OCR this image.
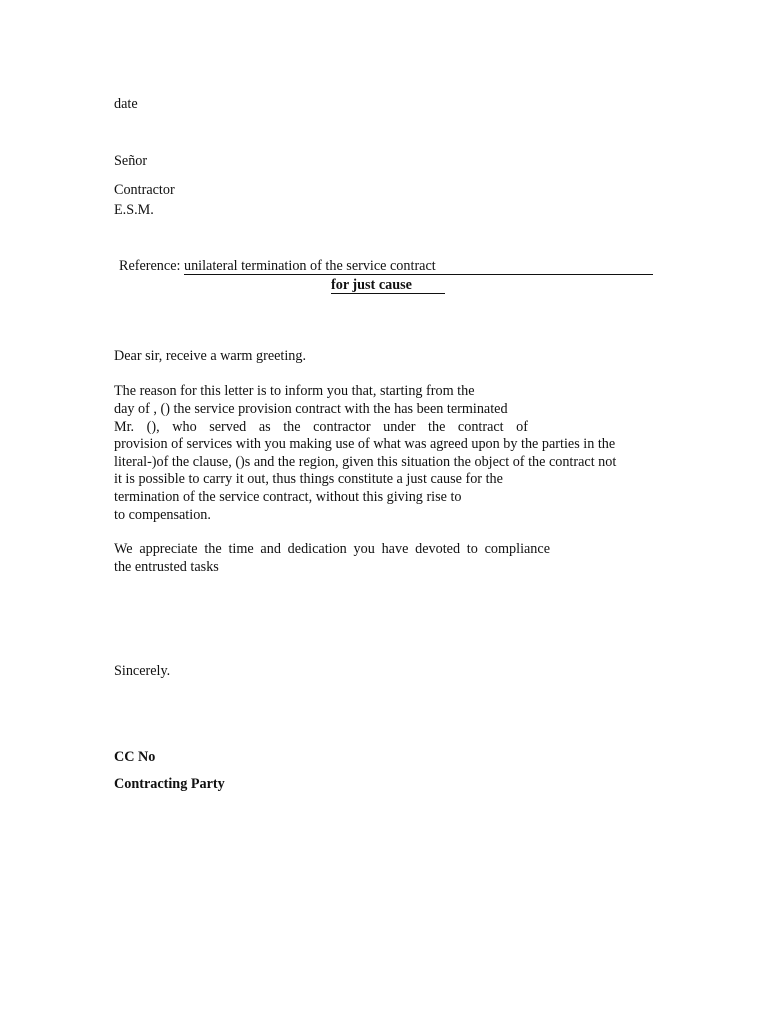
date
Señor
Contractor
E.S.M.
Reference: unilateral termination of the service contract
for just cause
Dear sir, receive a warm greeting.
The reason for this letter is to inform you that, starting from the
day of , () the service provision contract with the has been terminated
Mr. (), who served as the contractor under the contract of
provision of services with you making use of what was agreed upon by the parties in the
literal-)of the clause, ()s and the region, given this situation the object of the contract not
it is possible to carry it out, thus things constitute a just cause for the
termination of the service contract, without this giving rise to
to compensation.
We appreciate the time and dedication you have devoted to compliance
the entrusted tasks
Sincerely.
CC No
Contracting Party
